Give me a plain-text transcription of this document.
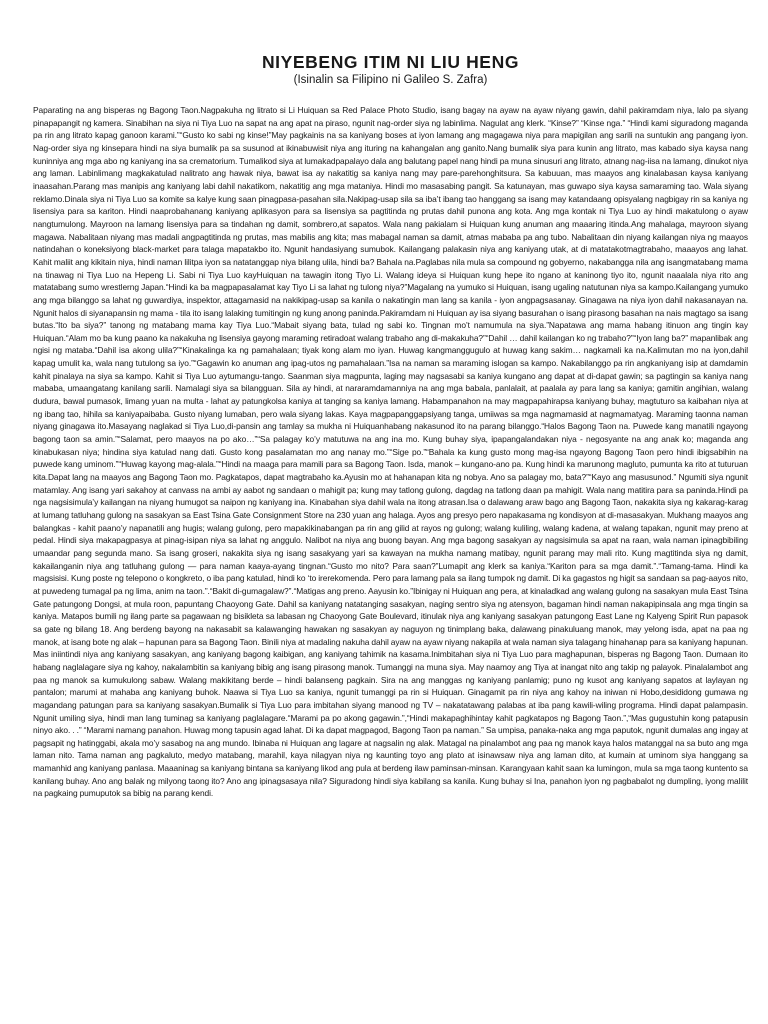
NIYEBENG ITIM NI LIU HENG

(Isinalin sa Filipino ni Galileo S. Zafra)

Paparating na ang bisperas ng Bagong Taon.Nagpakuha ng litrato si Li Huiquan sa Red Palace Photo Studio, isang bagay na ayaw na ayaw niyang gawin, dahil pakiramdam niya, lalo pa siyang pinapapangit ng kamera. Sinabihan na siya ni Tiya Luo na sapat na ang apat na piraso, ngunit nag-order siya ng labinlima. Nagulat ang klerk. “Kinse?” “Kinse nga.” “Hindi kami siguradong maganda pa rin ang litrato kapag ganoon karami.”“Gusto ko sabi ng kinse!”May pagkainis na sa kaniyang boses at iyon lamang ang magagawa niya para mapigilan ang sarili na suntukin ang pangang iyon. Nag-order siya ng kinsepara hindi na siya bumalik pa sa susunod at ikinabuwisit niya ang ituring na kahangalan ang ganito.Nang bumalik siya para kunin ang litrato, mas kabado siya kaysa nang kuninniya ang mga abo ng kaniyang ina sa crematorium. Tumalikod siya at lumakadpapalayo dala ang balutang papel nang hindi pa muna sinusuri ang litrato, atnang nag-iisa na lamang, dinukot niya ang laman. Labinlimang magkakatulad nalitrato ang hawak niya, bawat isa ay nakatitig sa kaniya nang may pare-parehonghitsura. Sa kabuuan, mas maayos ang kinalabasan kaysa kaniyang inaasahan.Parang mas manipis ang kaniyang labi dahil nakatikom, nakatitig ang mga mataniya. Hindi mo masasabing pangit. Sa katunayan, mas guwapo siya kaysa samaraming tao. Wala siyang reklamo.Dinala siya ni Tiya Luo sa komite sa kalye kung saan pinagpasa-pasahan sila.Nakipag-usap sila sa iba’t ibang tao hanggang sa isang may katandaang opisyalang nagbigay rin sa kaniya ng lisensiya para sa kariton. Hindi naaprobahanang kaniyang aplikasyon para sa lisensiya sa pagtitinda ng prutas dahil punona ang kota. Ang mga kontak ni Tiya Luo ay hindi makatulong o ayaw nangtumulong. Mayroon na lamang lisensiya para sa tindahan ng damit, sombrero,at sapatos. Wala nang pakialam si Huiquan kung anuman ang maaaring itinda.Ang mahalaga, mayroon siyang magawa. Nabalitaan niyang mas madali angpagtitinda ng prutas, mas mabilis ang kita; mas mabagal naman sa damit, atmas mababa pa ang tubo. Nabalitaan din niyang kailangan niya ng maayos natindahan o koneksiyong black-market para talaga mapatakbo ito. Ngunit handasiyang sumubok. Kailangang palakasin niya ang kaniyang utak, at di matatakotmagtrabaho, maaayos ang lahat. Kahit maliit ang kikitain niya, hindi naman lilitpa iyon sa natatanggap niya bilang ulila, hindi ba? Bahala na.Paglabas nila mula sa compound ng gobyerno, nakabangga nila ang isangmatabang mama na tinawag ni Tiya Luo na Hepeng Li. Sabi ni Tiya Luo kayHuiquan na tawagin itong Tiyo Li. Walang ideya si Huiquan kung hepe ito ngano at kaninong tiyo ito, ngunit naaalala niya rito ang matatabang sumo wrestlerng Japan.“Hindi ka ba magpapasalamat kay Tiyo Li sa lahat ng tulong niya?”Magalang na yumuko si Huiquan, isang ugaling natutunan niya sa kampo.Kailangang yumuko ang mga bilanggo sa lahat ng guwardiya, inspektor, attagamasid na nakikipag-usap sa kanila o nakatingin man lang sa kanila - iyon angpagsasanay. Ginagawa na niya iyon dahil nakasanayan na. Ngunit halos di siyanapansin ng mama - tila ito isang lalaking tumitingin ng kung anong paninda.Pakiramdam ni Huiquan ay isa siyang basurahan o isang pirasong basahan na nais magtago sa isang butas.“Ito ba siya?” tanong ng matabang mama kay Tiya Luo.“Mabait siyang bata, tulad ng sabi ko. Tingnan mo’t namumula na siya.”Napatawa ang mama habang itinuon ang tingin kay Huiquan.“Alam mo ba kung paano ka nakakuha ng lisensiya gayong maraming retiradoat walang trabaho ang di-makakuha?”“Dahil … dahil kailangan ko ng trabaho?”“Iyon lang ba?” mapanlibak ang ngisi ng mataba.“Dahil isa akong ulila?”“Kinakalinga ka ng pamahalaan; tiyak kong alam mo iyan. Huwag kangmanggugulo at huwag kang sakim… nagkamali ka na.Kalimutan mo na iyon,dahil kapag umulit ka, wala nang tutulong sa iyo.”“Gagawin ko anuman ang ipag-utos ng pamahalaan.”Isa na naman sa maraming islogan sa kampo. Nakabilanggo pa rin angkaniyang isip at damdamin kahit pinalaya na siya sa kampo. Kahit si Tiya Luo aytumangu-tango. Saanman siya magpunta, laging may nagsasabi sa kaniya kungano ang dapat at di-dapat gawin; sa pagtingin sa kaniya nang mababa, umaangatang kanilang sarili. Namalagi siya sa bilangguan. Sila ay hindi, at nararamdamanniya na ang mga babala, panlalait, at paalala ay para lang sa kaniya; gamitin angihian, walang dudura, bawal pumasok, limang yuan na multa - lahat ay patungkolsa kaniya at tanging sa kaniya lamang. Habampanahon na may magpapahirapsa kaniyang buhay, magtuturo sa kaibahan niya at ng ibang tao, hihila sa kaniyapaibaba. Gusto niyang lumaban, pero wala siyang lakas. Kaya magpapanggapsiyang tanga, umiiwas sa mga nagmamasid at nagmamatyag. Maraming taonna naman niyang ginagawa ito.Masayang naglakad si Tiya Luo,di-pansin ang tamlay sa mukha ni Huiquanhabang nakasunod ito na parang bilanggo.“Halos Bagong Taon na. Puwede kang manatili ngayong bagong taon sa amin.”“Salamat, pero maayos na po ako…”“Sa palagay ko’y matutuwa na ang ina mo. Kung buhay siya, ipapangalandakan niya - negosyante na ang anak ko; maganda ang kinabukasan niya; hindina siya katulad nang dati. Gusto kong pasalamatan mo ang nanay mo.”“Sige po.”“Bahala ka kung gusto mong mag-isa ngayong Bagong Taon pero hindi ibigsabihin na puwede kang uminom.”“Huwag kayong mag-alala.”“Hindi na maaga para mamili para sa Bagong Taon. Isda, manok – kungano-ano pa. Kung hindi ka marunong magluto, pumunta ka rito at tuturuan kita.Dapat lang na maayos ang Bagong Taon mo. Pagkatapos, dapat magtrabaho ka.Ayusin mo at hahanapan kita ng nobya. Ano sa palagay mo, bata?”“Kayo ang masusunod.” Ngumiti siya ngunit matamlay. Ang isang yari sakahoy at canvass na ambi ay aabot ng sandaan o mahigit pa; kung may tatlong gulong, dagdag na tatlong daan pa mahigit. Wala nang matitira para sa paninda.Hindi pa nga nagsisimula’y kailangan na niyang humugot sa naipon ng kaniyang ina. Kinabahan siya dahil wala na itong atrasan.Isa o dalawang araw bago ang Bagong Taon, nakakita siya ng kakarag-karag at lumang tatluhang gulong na sasakyan sa East Tsina Gate Consignment Store na 230 yuan ang halaga. Ayos ang presyo pero napakasama ng kondisyon at di-masasakyan. Mukhang maayos ang balangkas - kahit paano’y napanatili ang hugis; walang gulong, pero mapakikinabangan pa rin ang gilid at rayos ng gulong; walang kuliling, walang kadena, at walang tapakan, ngunit may preno at pedal. Hindi siya makapagpasya at pinag-isipan niya sa lahat ng anggulo. Nalibot na niya ang buong bayan. Ang mga bagong sasakyan ay nagsisimula sa apat na raan, wala naman ipinagbibiling umaandar pang segunda mano. Sa isang groseri, nakakita siya ng isang sasakyang yari sa kawayan na mukha namang matibay, ngunit parang may mali rito. Kung magtitinda siya ng damit, kakailanganin niya ang tatluhang gulong — para naman kaaya-ayang tingnan.“Gusto mo nito? Para saan?”Lumapit ang klerk sa kaniya.“Kariton para sa mga damit.”.“Tamang-tama. Hindi ka magsisisi. Kung poste ng telepono o kongkreto, o iba pang katulad, hindi ko ‘to irerekomenda. Pero para lamang pala sa ilang tumpok ng damit. Di ka gagastos ng higit sa sandaan sa pag-aayos nito, at puwedeng tumagal pa ng lima, anim na taon.”.“Bakit di-gumagalaw?”.“Matigas ang preno. Aayusin ko.”Ibinigay ni Huiquan ang pera, at kinaladkad ang walang gulong na sasakyan mula East Tsina Gate patungong Dongsi, at mula roon, papuntang Chaoyong Gate. Dahil sa kaniyang natatanging sasakyan, naging sentro siya ng atensyon, bagaman hindi naman nakapipinsala ang mga tingin sa kaniya. Matapos bumili ng ilang parte sa pagawaan ng bisikleta sa labasan ng Chaoyong Gate Boulevard, itinulak niya ang kaniyang sasakyan patungong East Lane ng Kalyeng Spirit Run papasok sa gate ng bilang 18. Ang berdeng bayong na nakasabit sa kalawanging hawakan ng sasakyan ay naguyon ng tinimplang baka, dalawang pinakuluang manok, may yelong isda, apat na paa ng manok, at isang bote ng alak – hapunan para sa Bagong Taon. Binili niya at madaling nakuha dahil ayaw na ayaw niyang nakapila at wala naman siya talagang hinahanap para sa kaniyang hapunan. Mas iniintindi niya ang kaniyang sasakyan, ang kaniyang bagong kaibigan, ang kaniyang tahimik na kasama.Inimbitahan siya ni Tiya Luo para maghapunan, bisperas ng Bagong Taon. Dumaan ito habang naglalagare siya ng kahoy, nakalambitin sa kaniyang bibig ang isang pirasong manok. Tumanggi na muna siya. May naamoy ang Tiya at inangat nito ang takip ng palayok. Pinalalambot ang paa ng manok sa kumukulong sabaw. Walang makikitang berde – hindi balanseng pagkain. Sira na ang manggas ng kaniyang panlamig; puno ng kusot ang kaniyang sapatos at laylayan ng pantalon; marumi at mahaba ang kaniyang buhok. Naawa si Tiya Luo sa kaniya, ngunit tumanggi pa rin si Huiquan. Ginagamit pa rin niya ang kahoy na iniwan ni Hobo,desididong gumawa ng magandang patungan para sa kaniyang sasakyan.Bumalik si Tiya Luo para imbitahan siyang manood ng TV – nakatatawang palabas at iba pang kawili-wiling programa. Hindi dapat palampasin. Ngunit umiling siya, hindi man lang tuminag sa kaniyang paglalagare.“Marami pa po akong gagawin.”,“Hindi makapaghihintay kahit pagkatapos ng Bagong Taon.”,“Mas gugustuhin kong patapusin ninyo ako. . .” “Marami namang panahon. Huwag mong tapusin agad lahat. Di ka dapat magpagod, Bagong Taon pa naman.” Sa umpisa, panaka-naka ang mga paputok, ngunit dumalas ang ingay at pagsapit ng hatinggabi, akala mo’y sasabog na ang mundo. Ibinaba ni Huiquan ang lagare at nagsalin ng alak. Matagal na pinalambot ang paa ng manok kaya halos matanggal na sa buto ang mga laman nito. Tama naman ang pagkaluto, medyo matabang, marahil, kaya nilagyan niya ng kaunting toyo ang plato at isinawsaw niya ang laman dito, at kumain at uminom siya hanggang sa mamanhid ang kaniyang panlasa. Maaaninag sa kaniyang bintana sa kaniyang likod ang pula at berdeng ilaw paminsan-minsan. Karangyaan kahit saan ka lumingon, mula sa mga taong kuntento sa kanilang buhay. Ano ang balak ng milyong taong ito? Ano ang ipinagsasaya nila? Siguradong hindi siya kabilang sa kanila. Kung buhay si Ina, panahon iyon ng pagbabalot ng dumpling, iyong malilit na pagkaing pumuputok sa bibig na parang kendi.
